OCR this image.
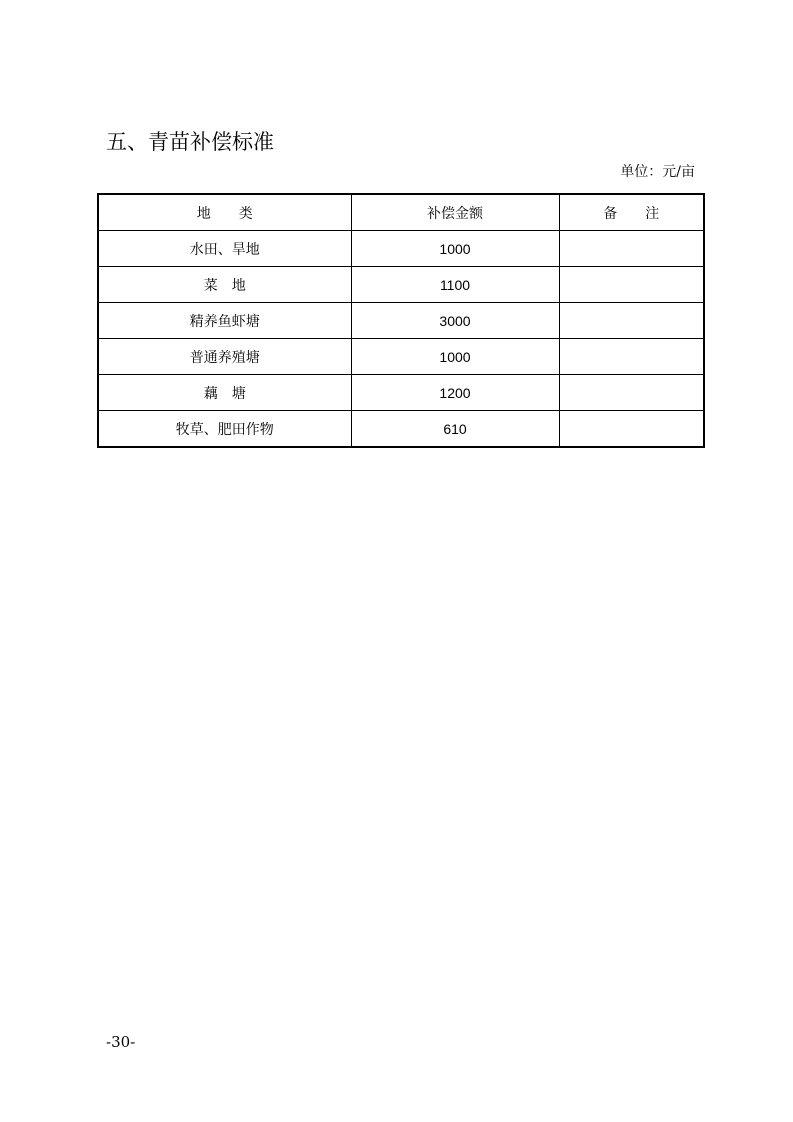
五、青苗补偿标准
单位：元/亩
地　　类	补偿金额	备　　注
水田、旱地	1000	
菜　地	1100	
精养鱼虾塘	3000	
普通养殖塘	1000	
藕　塘	1200	
牧草、肥田作物	610	
-30-
